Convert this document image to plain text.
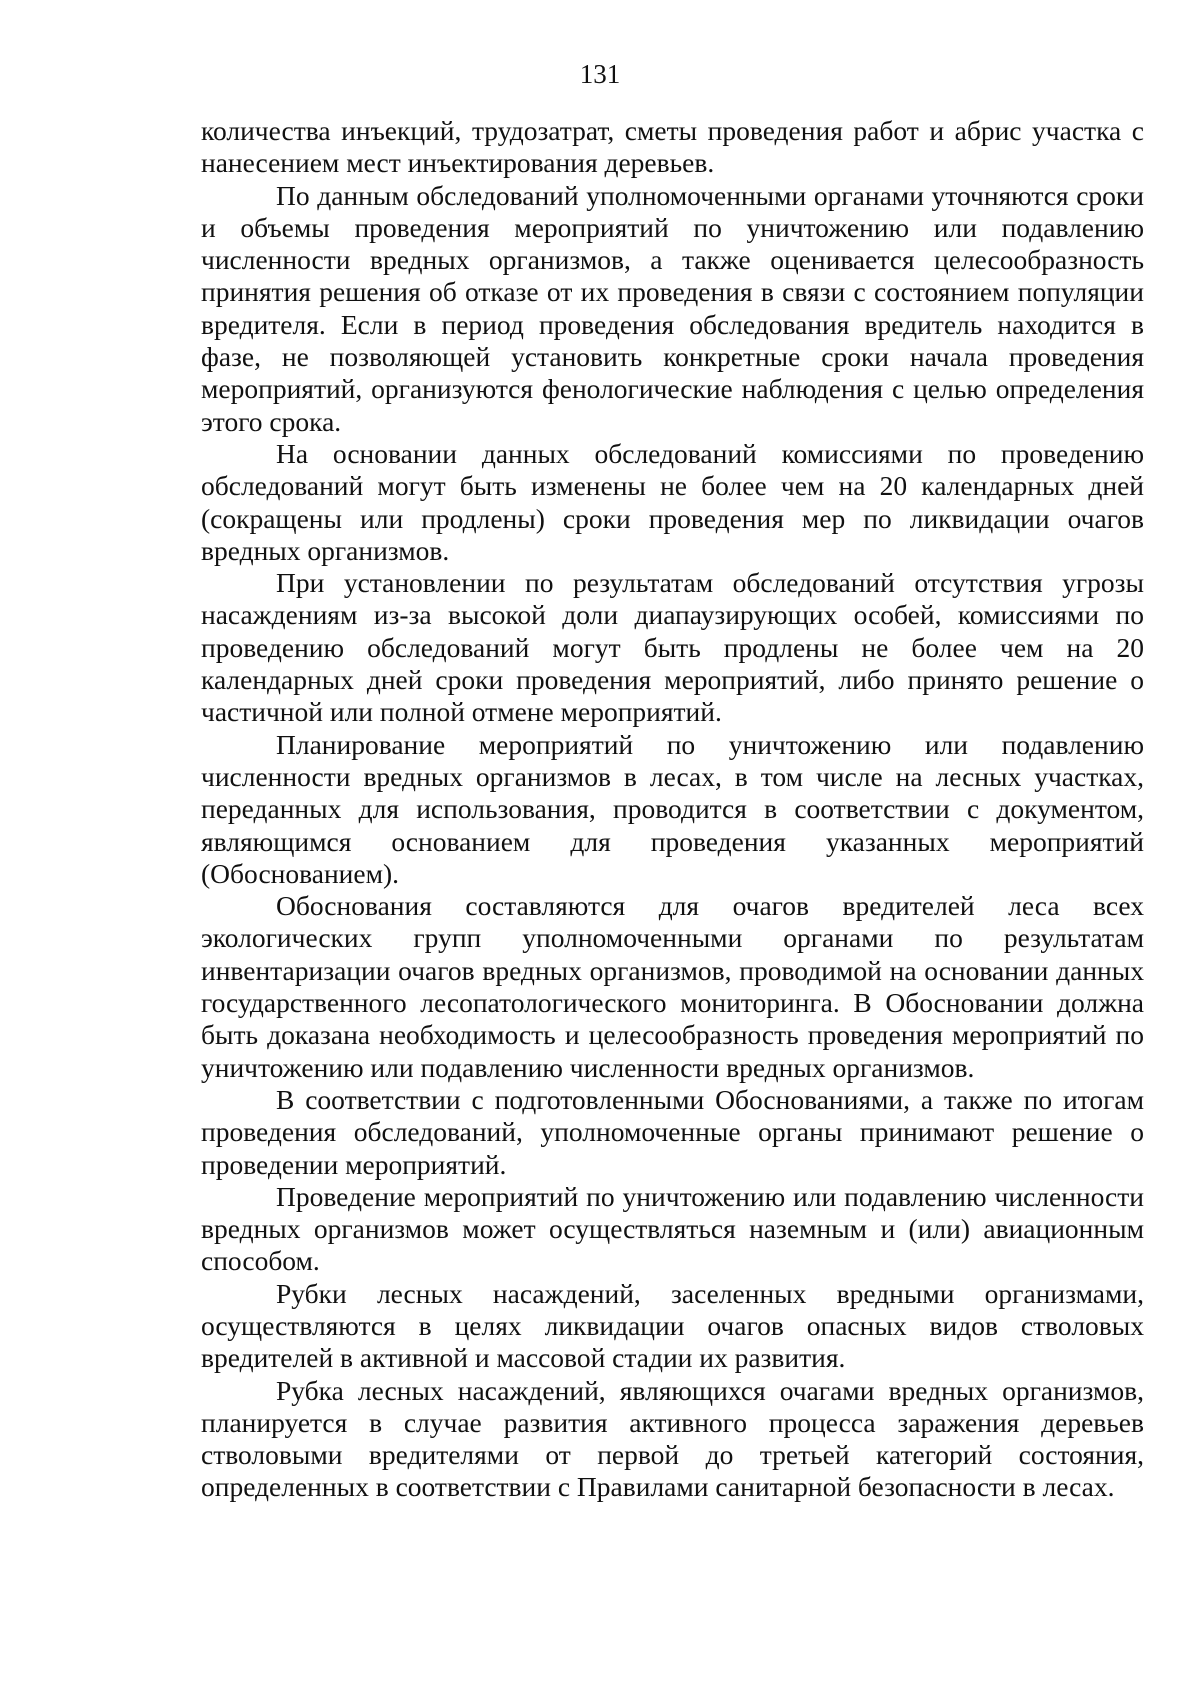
131

количества инъекций, трудозатрат, сметы проведения работ и абрис участка с нанесением мест инъектирования деревьев.

По данным обследований уполномоченными органами уточняются сроки и объемы проведения мероприятий по уничтожению или подавлению численности вредных организмов, а также оценивается целесообразность принятия решения об отказе от их проведения в связи с состоянием популяции вредителя. Если в период проведения обследования вредитель находится в фазе, не позволяющей установить конкретные сроки начала проведения мероприятий, организуются фенологические наблюдения с целью определения этого срока.

На основании данных обследований комиссиями по проведению обследований могут быть изменены не более чем на 20 календарных дней (сокращены или продлены) сроки проведения мер по ликвидации очагов вредных организмов.

При установлении по результатам обследований отсутствия угрозы насаждениям из-за высокой доли диапаузирующих особей, комиссиями по проведению обследований могут быть продлены не более чем на 20 календарных дней сроки проведения мероприятий, либо принято решение о частичной или полной отмене мероприятий.

Планирование мероприятий по уничтожению или подавлению численности вредных организмов в лесах, в том числе на лесных участках, переданных для использования, проводится в соответствии с документом, являющимся основанием для проведения указанных мероприятий (Обоснованием).

Обоснования составляются для очагов вредителей леса всех экологических групп уполномоченными органами по результатам инвентаризации очагов вредных организмов, проводимой на основании данных государственного лесопатологического мониторинга. В Обосновании должна быть доказана необходимость и целесообразность проведения мероприятий по уничтожению или подавлению численности вредных организмов.

В соответствии с подготовленными Обоснованиями, а также по итогам проведения обследований, уполномоченные органы принимают решение о проведении мероприятий.

Проведение мероприятий по уничтожению или подавлению численности вредных организмов может осуществляться наземным и (или) авиационным способом.

Рубки лесных насаждений, заселенных вредными организмами, осуществляются в целях ликвидации очагов опасных видов стволовых вредителей в активной и массовой стадии их развития.

Рубка лесных насаждений, являющихся очагами вредных организмов, планируется в случае развития активного процесса заражения деревьев стволовыми вредителями от первой до третьей категорий состояния, определенных в соответствии с Правилами санитарной безопасности в лесах.
